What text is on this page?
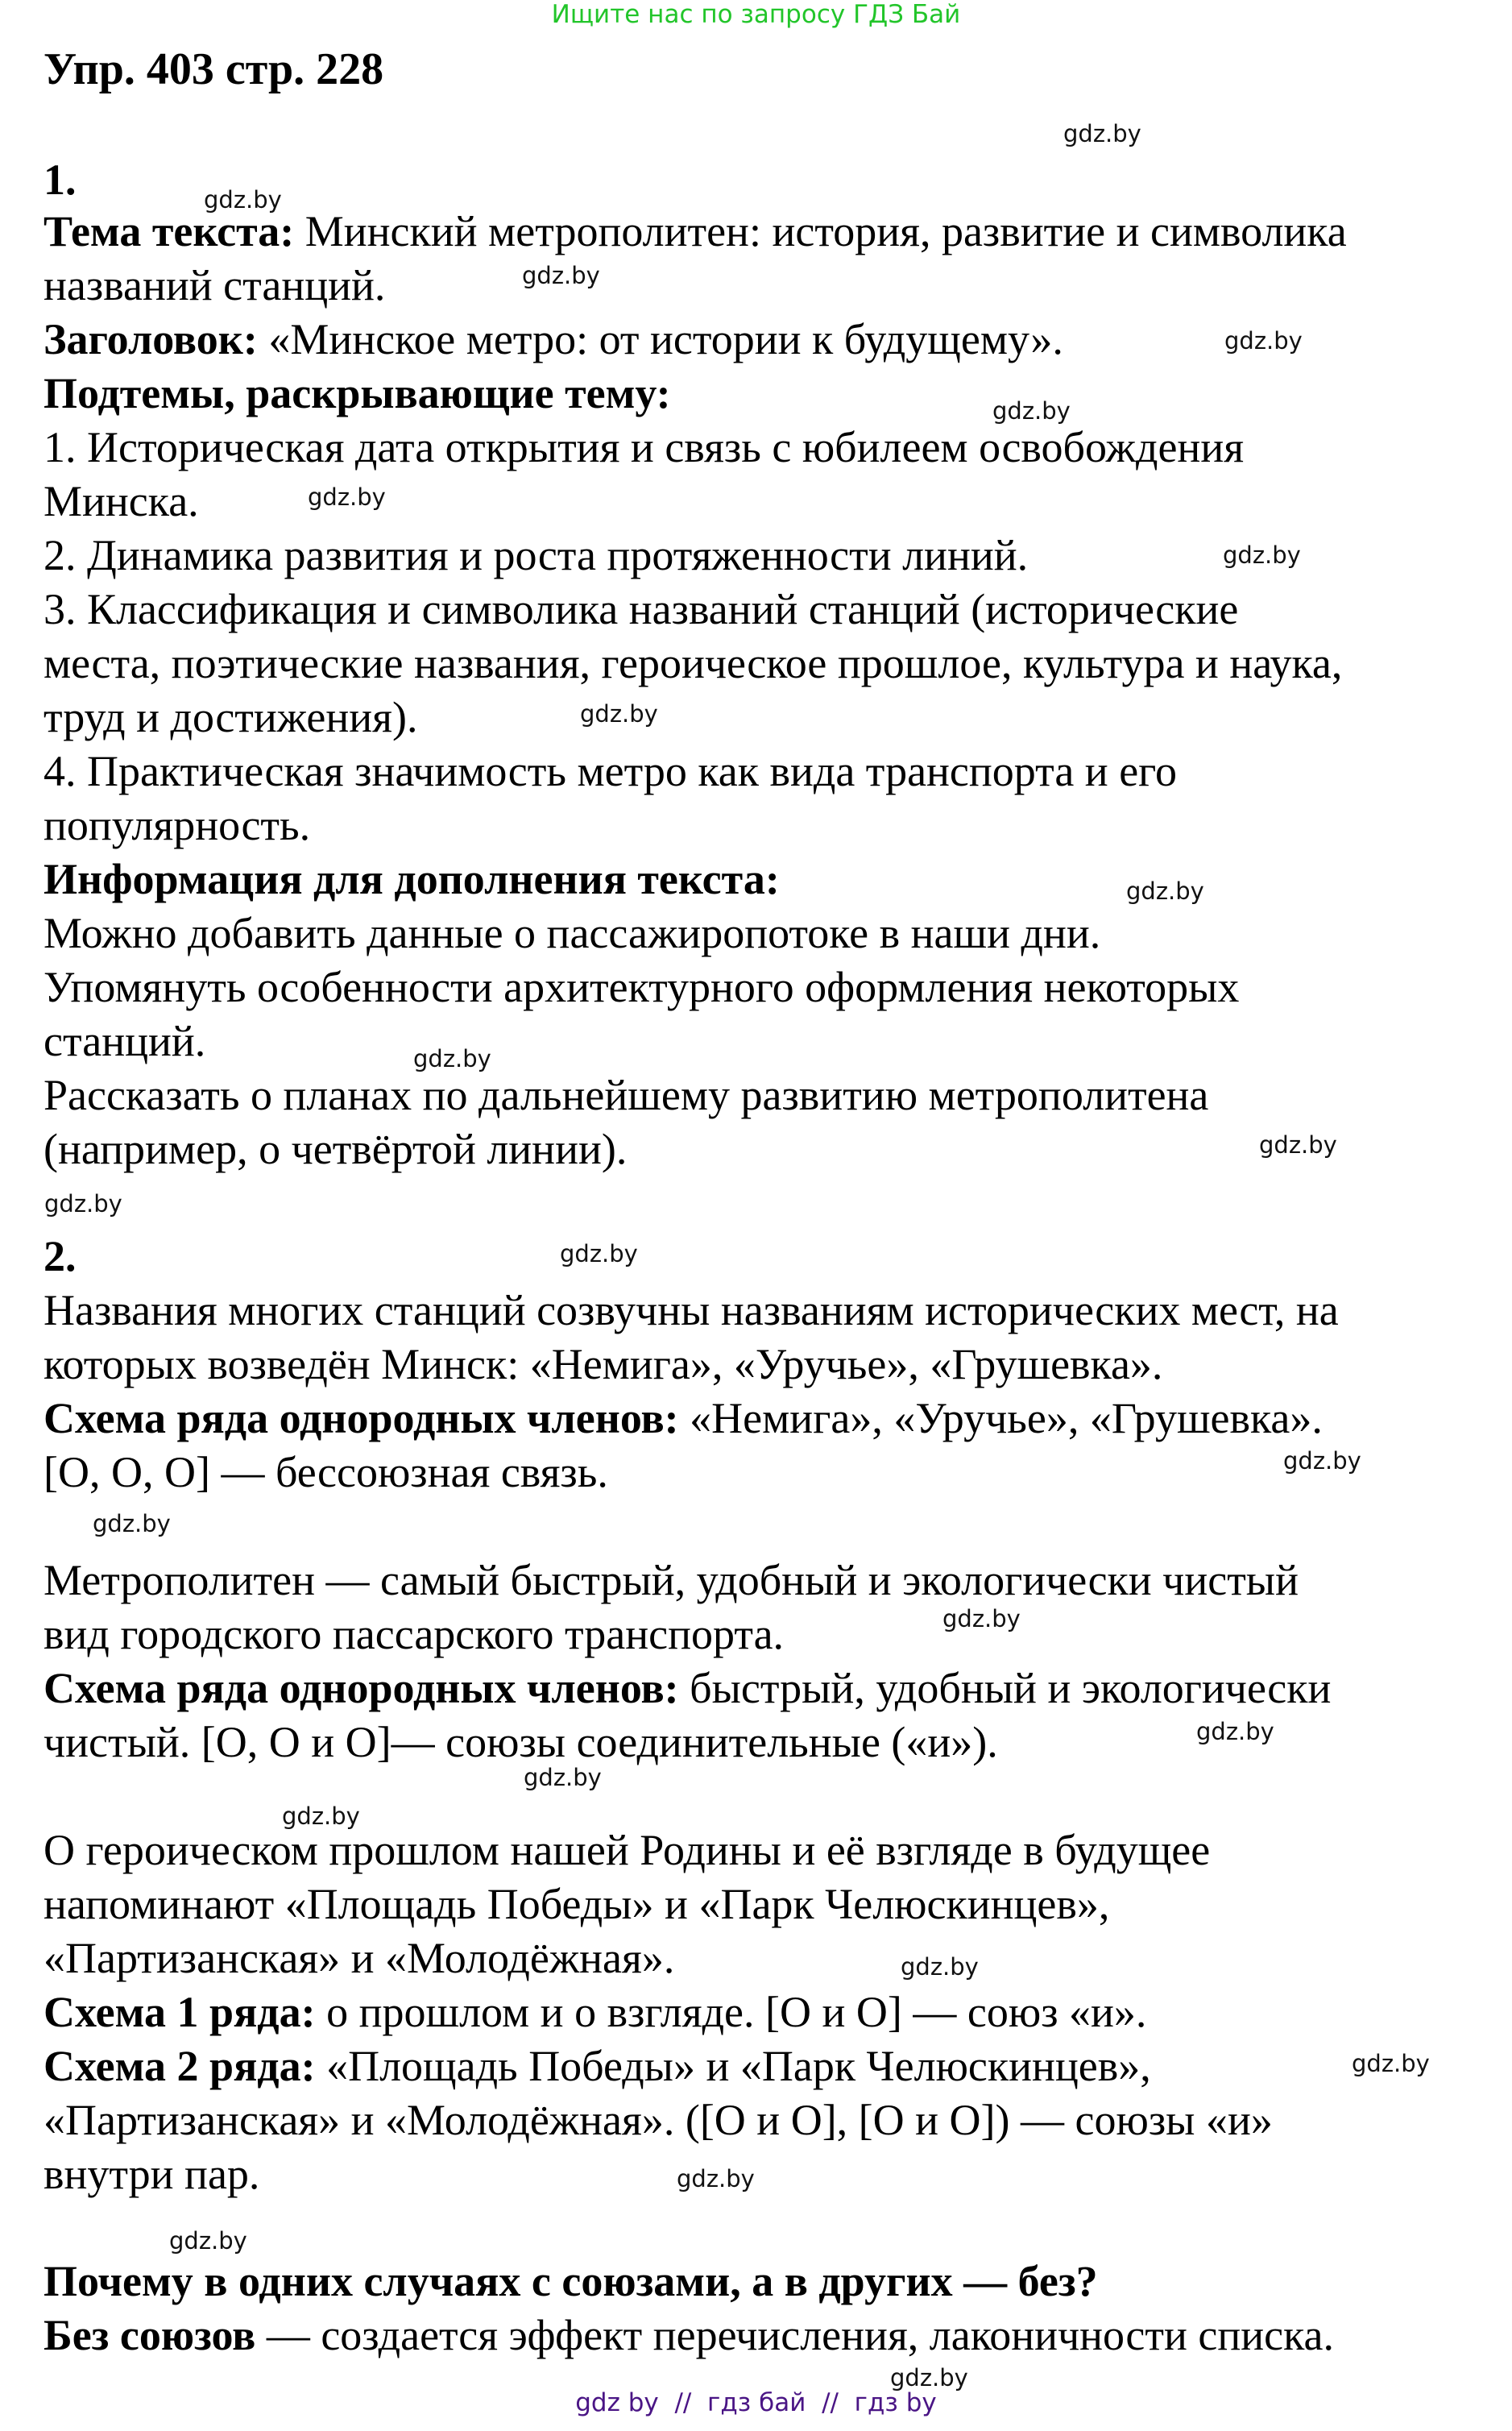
Ищите нас по запросу ГДЗ Бай
Упр. 403 стр. 228
1.
Тема текста: Минский метрополитен: история, развитие и символика
названий станций.
Заголовок: «Минское метро: от истории к будущему».
Подтемы, раскрывающие тему:
1. Историческая дата открытия и связь с юбилеем освобождения
Минска.
2. Динамика развития и роста протяженности линий.
3. Классификация и символика названий станций (исторические
места, поэтические названия, героическое прошлое, культура и наука,
труд и достижения).
4. Практическая значимость метро как вида транспорта и его
популярность.
Информация для дополнения текста:
Можно добавить данные о пассажиропотоке в наши дни.
Упомянуть особенности архитектурного оформления некоторых
станций.
Рассказать о планах по дальнейшему развитию метрополитена
(например, о четвёртой линии).
2.
Названия многих станций созвучны названиям исторических мест, на
которых возведён Минск: «Немига», «Уручье», «Грушевка».
Схема ряда однородных членов: «Немига», «Уручье», «Грушевка».
[О, О, О] — бессоюзная связь.
Метрополитен — самый быстрый, удобный и экологически чистый
вид городского пассарского транспорта.
Схема ряда однородных членов: быстрый, удобный и экологически
чистый. [О, О и О]— союзы соединительные («и»).
О героическом прошлом нашей Родины и её взгляде в будущее
напоминают «Площадь Победы» и «Парк Челюскинцев»,
«Партизанская» и «Молодёжная».
Схема 1 ряда: о прошлом и о взгляде. [О и О] — союз «и».
Схема 2 ряда: «Площадь Победы» и «Парк Челюскинцев»,
«Партизанская» и «Молодёжная». ([О и О], [О и О]) — союзы «и»
внутри пар.
Почему в одних случаях с союзами, а в других — без?
Без союзов — создается эффект перечисления, лаконичности списка.
gdz.by
gdz.by
gdz.by
gdz.by
gdz.by
gdz.by
gdz.by
gdz.by
gdz.by
gdz.by
gdz.by
gdz.by
gdz.by
gdz.by
gdz.by
gdz.by
gdz.by
gdz.by
gdz.by
gdz.by
gdz.by
gdz.by
gdz.by
gdz.by
gdz by  //  гдз бай  //  гдз by
